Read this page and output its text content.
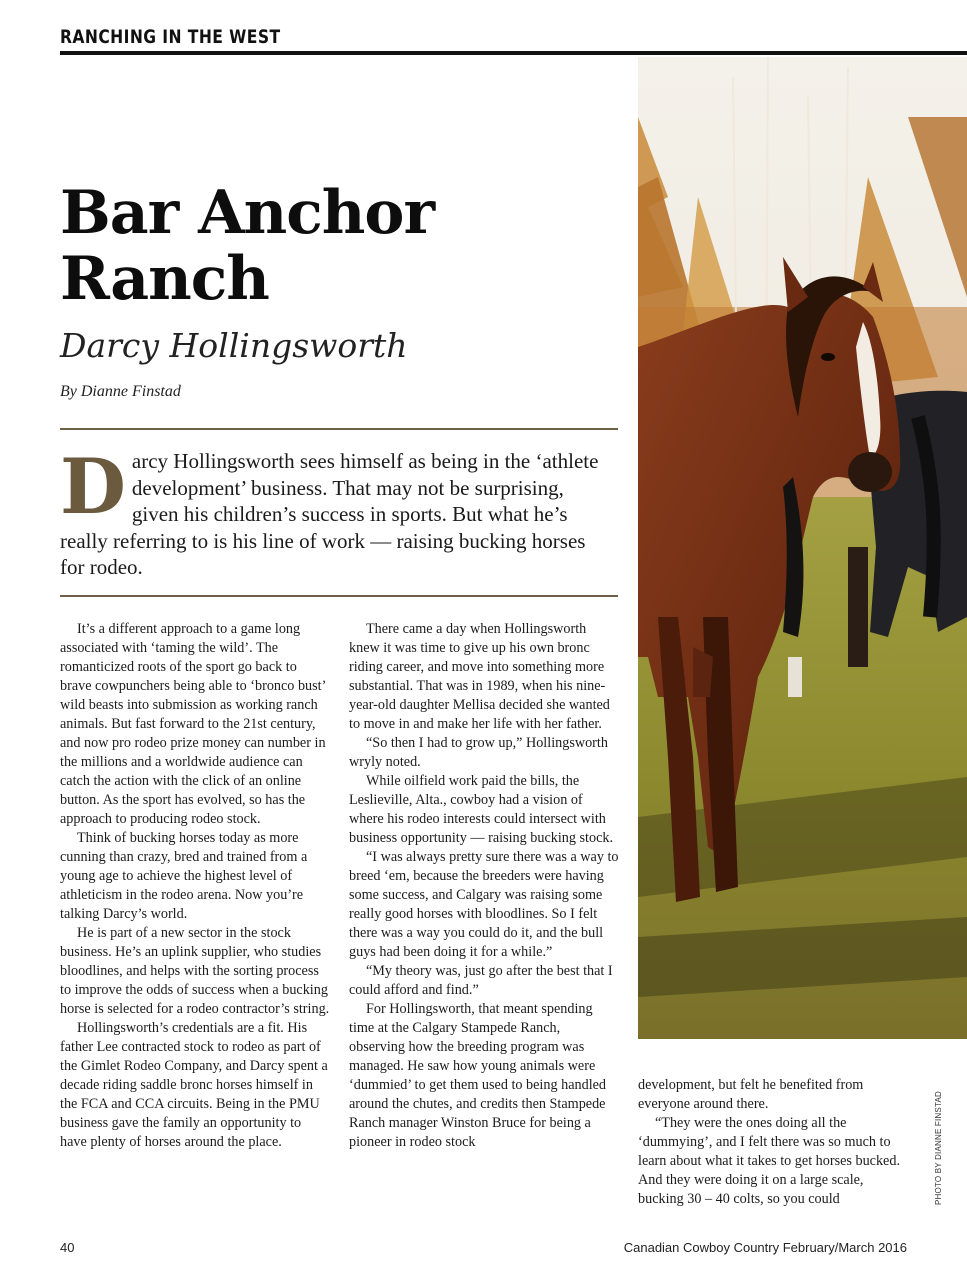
RANCHING IN THE WEST
Bar Anchor Ranch
Darcy Hollingsworth
By Dianne Finstad

Darcy Hollingsworth sees himself as being in the ‘athlete development’ business. That may not be surprising, given his children’s success in sports. But what he’s really referring to is his line of work — raising bucking horses for rodeo.

It’s a different approach to a game long associated with ‘taming the wild’. The romanticized roots of the sport go back to brave cowpunchers being able to ‘bronco bust’ wild beasts into submission as working ranch animals. But fast forward to the 21st century, and now pro rodeo prize money can number in the millions and a worldwide audience can catch the action with the click of an online button. As the sport has evolved, so has the approach to producing rodeo stock.

Think of bucking horses today as more cunning than crazy, bred and trained from a young age to achieve the highest level of athleticism in the rodeo arena. Now you’re talking Darcy’s world.

He is part of a new sector in the stock business. He’s an uplink supplier, who studies bloodlines, and helps with the sorting process to improve the odds of success when a bucking horse is selected for a rodeo contractor’s string.

Hollingsworth’s credentials are a fit. His father Lee contracted stock to rodeo as part of the Gimlet Rodeo Company, and Darcy spent a decade riding saddle bronc horses himself in the FCA and CCA circuits. Being in the PMU business gave the family an opportunity to have plenty of horses around the place.

There came a day when Hollingsworth knew it was time to give up his own bronc riding career, and move into something more substantial. That was in 1989, when his nine-year-old daughter Mellisa decided she wanted to move in and make her life with her father.

“So then I had to grow up,” Hollingsworth wryly noted.

While oilfield work paid the bills, the Leslieville, Alta., cowboy had a vision of where his rodeo interests could intersect with business opportunity — raising bucking stock.

“I was always pretty sure there was a way to breed ‘em, because the breeders were having some success, and Calgary was raising some really good horses with bloodlines. So I felt there was a way you could do it, and the bull guys had been doing it for a while.”

“My theory was, just go after the best that I could afford and find.”

For Hollingsworth, that meant spending time at the Calgary Stampede Ranch, observing how the breeding program was managed. He saw how young animals were ‘dummied’ to get them used to being handled around the chutes, and credits then Stampede Ranch manager Winston Bruce for being a pioneer in rodeo stock

development, but felt he benefited from everyone around there.

“They were the ones doing all the ‘dummying’, and I felt there was so much to learn about what it takes to get horses bucked. And they were doing it on a large scale, bucking 30 – 40 colts, so you could	PHOTO BY DIANNE FINSTAD
40	Canadian Cowboy Country February/March 2016
